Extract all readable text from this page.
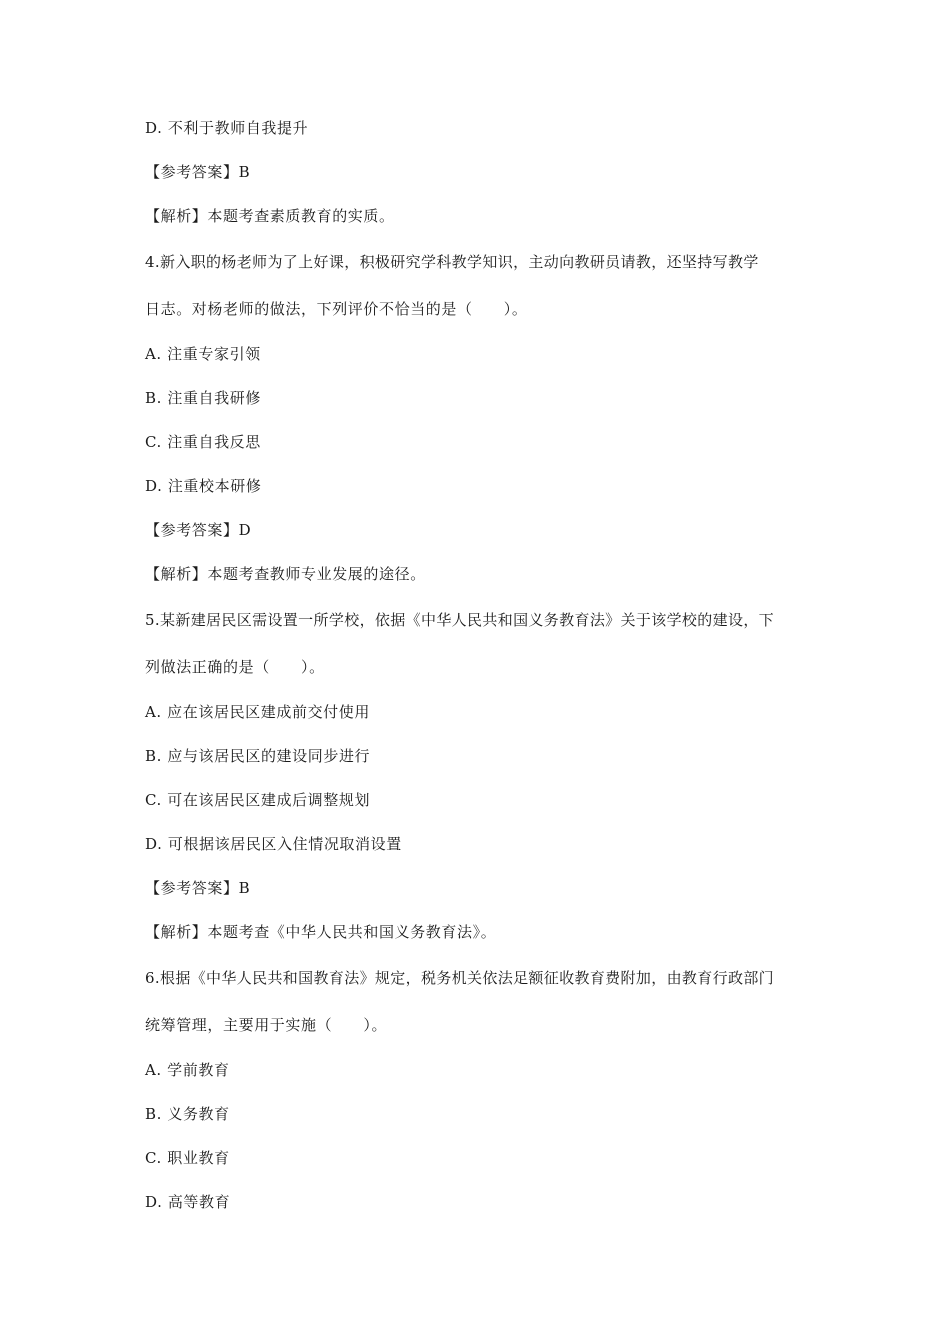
D. 不利于教师自我提升
【参考答案】B
【解析】本题考查素质教育的实质。
4.新入职的杨老师为了上好课，积极研究学科教学知识，主动向教研员请教，还坚持写教学
日志。对杨老师的做法，下列评价不恰当的是（　　）。
A. 注重专家引领
B. 注重自我研修
C. 注重自我反思
D. 注重校本研修
【参考答案】D
【解析】本题考查教师专业发展的途径。
5.某新建居民区需设置一所学校，依据《中华人民共和国义务教育法》关于该学校的建设，下
列做法正确的是（　　）。
A. 应在该居民区建成前交付使用
B. 应与该居民区的建设同步进行
C. 可在该居民区建成后调整规划
D. 可根据该居民区入住情况取消设置
【参考答案】B
【解析】本题考查《中华人民共和国义务教育法》。
6.根据《中华人民共和国教育法》规定，税务机关依法足额征收教育费附加，由教育行政部门
统筹管理，主要用于实施（　　）。
A. 学前教育
B. 义务教育
C. 职业教育
D. 高等教育
